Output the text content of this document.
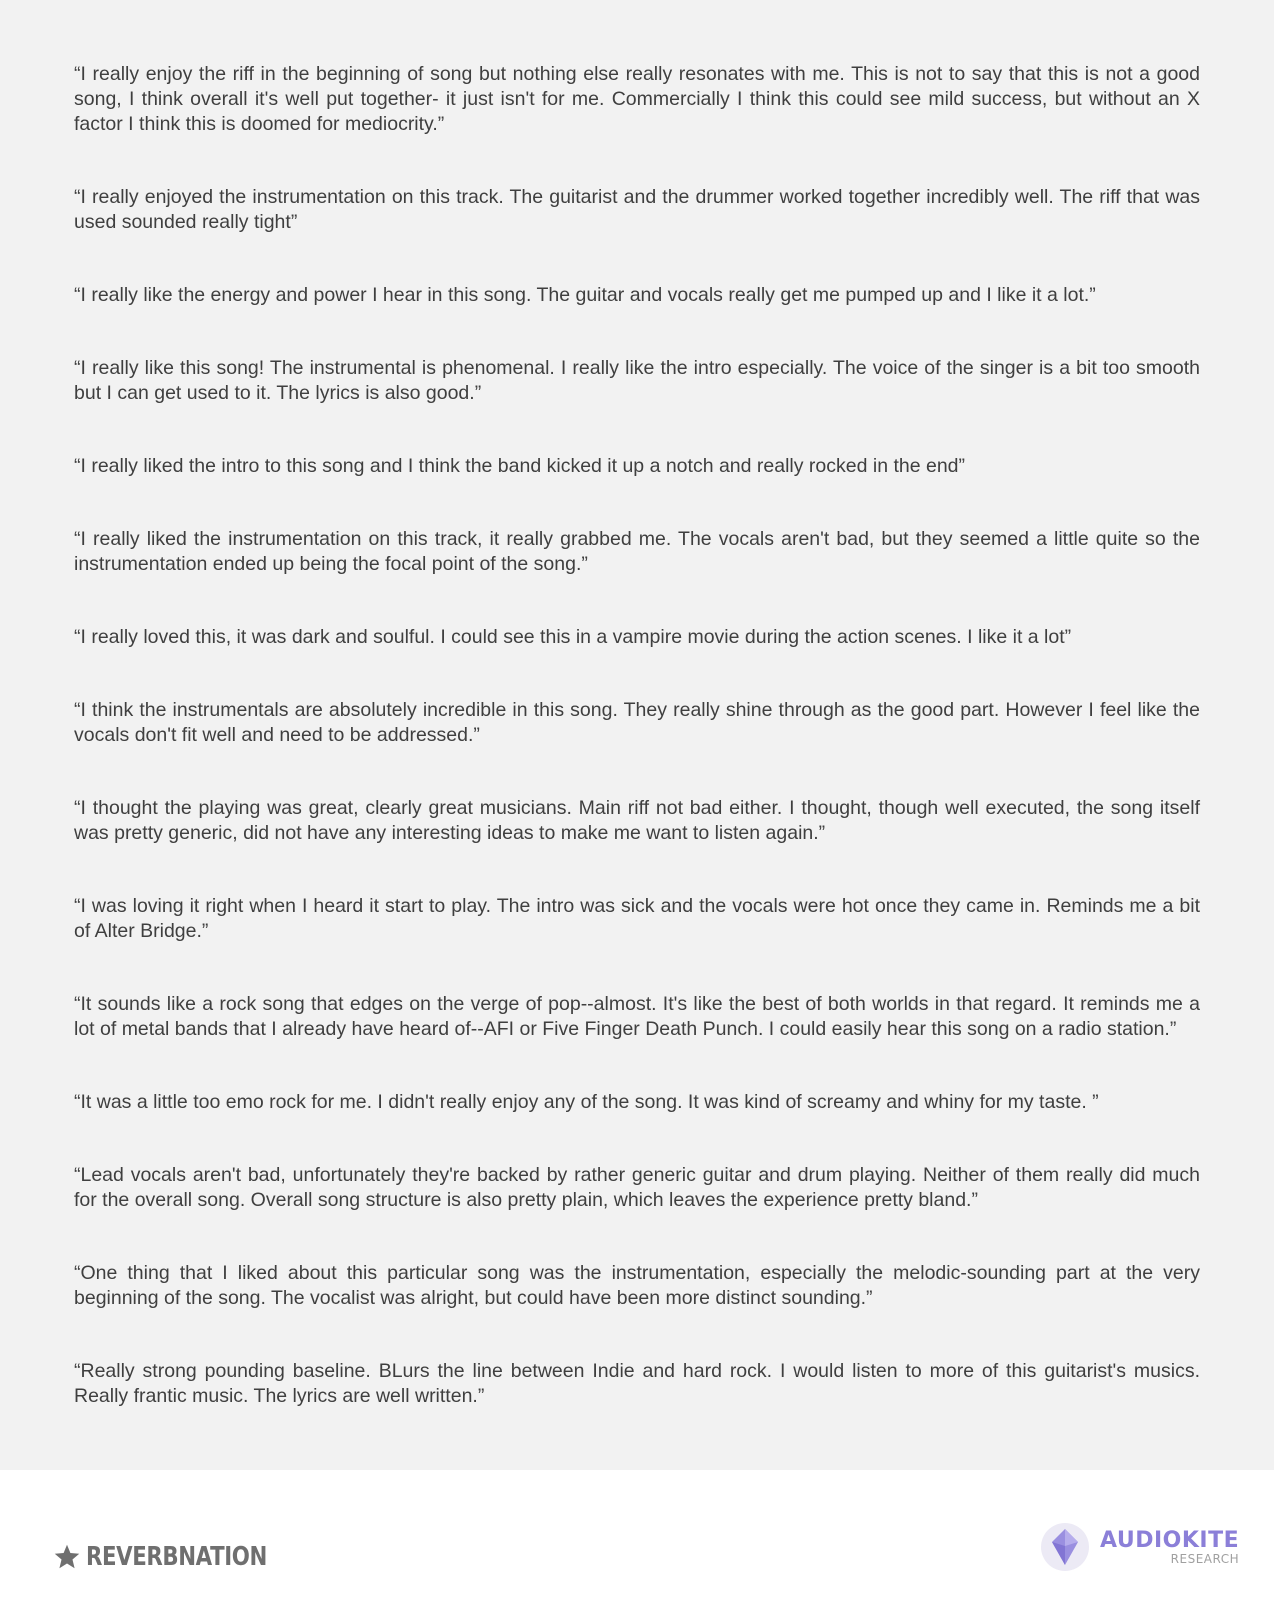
“I really enjoy the riff in the beginning of song but nothing else really resonates with me. This is not to say that this is not a good song, I think overall it's well put together- it just isn't for me. Commercially I think this could see mild success, but without an X factor I think this is doomed for mediocrity.”

“I really enjoyed the instrumentation on this track. The guitarist and the drummer worked together incredibly well. The riff that was used sounded really tight”

“I really like the energy and power I hear in this song. The guitar and vocals really get me pumped up and I like it a lot.”

“I really like this song! The instrumental is phenomenal. I really like the intro especially. The voice of the singer is a bit too smooth but I can get used to it. The lyrics is also good.”

“I really liked the intro to this song and I think the band kicked it up a notch and really rocked in the end”

“I really liked the instrumentation on this track, it really grabbed me. The vocals aren't bad, but they seemed a little quite so the instrumentation ended up being the focal point of the song.”

“I really loved this, it was dark and soulful. I could see this in a vampire movie during the action scenes. I like it a lot”

“I think the instrumentals are absolutely incredible in this song. They really shine through as the good part. However I feel like the vocals don't fit well and need to be addressed.”

“I thought the playing was great, clearly great musicians. Main riff not bad either. I thought, though well executed, the song itself was pretty generic, did not have any interesting ideas to make me want to listen again.”

“I was loving it right when I heard it start to play. The intro was sick and the vocals were hot once they came in. Reminds me a bit of Alter Bridge.”

“It sounds like a rock song that edges on the verge of pop--almost. It's like the best of both worlds in that regard. It reminds me a lot of metal bands that I already have heard of--AFI or Five Finger Death Punch. I could easily hear this song on a radio station.”

“It was a little too emo rock for me. I didn't really enjoy any of the song. It was kind of screamy and whiny for my taste. ”

“Lead vocals aren't bad, unfortunately they're backed by rather generic guitar and drum playing. Neither of them really did much for the overall song. Overall song structure is also pretty plain, which leaves the experience pretty bland.”

“One thing that I liked about this particular song was the instrumentation, especially the melodic-sounding part at the very beginning of the song. The vocalist was alright, but could have been more distinct sounding.”

“Really strong pounding baseline. BLurs the line between Indie and hard rock. I would listen to more of this guitarist's musics. Really frantic music. The lyrics are well written.”

REVERBNATION
AUDIOKITE
RESEARCH
